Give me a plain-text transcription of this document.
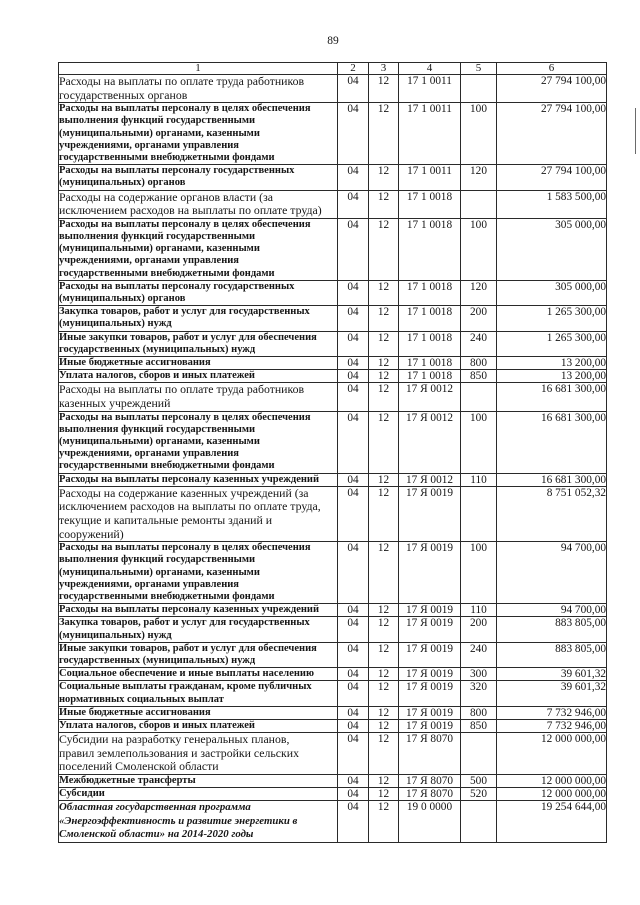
89
1	2	3	4	5	6

Расходы на выплаты по оплате труда работников
государственных органов	04	12	17 1 0011		27 794 100,00

Расходы на выплаты персоналу в целях обеспечения
выполнения функций государственными
(муниципальными) органами, казенными
учреждениями, органами управления
государственными внебюджетными фондами	04	12	17 1 0011	100	27 794 100,00

Расходы на выплаты персоналу государственных
(муниципальных) органов	04	12	17 1 0011	120	27 794 100,00

Расходы на содержание органов власти (за
исключением расходов на выплаты по оплате труда)	04	12	17 1 0018		1 583 500,00

Расходы на выплаты персоналу в целях обеспечения
выполнения функций государственными
(муниципальными) органами, казенными
учреждениями, органами управления
государственными внебюджетными фондами	04	12	17 1 0018	100	305 000,00

Расходы на выплаты персоналу государственных
(муниципальных) органов	04	12	17 1 0018	120	305 000,00

Закупка товаров, работ и услуг для государственных
(муниципальных) нужд	04	12	17 1 0018	200	1 265 300,00

Иные закупки товаров, работ и услуг для обеспечения
государственных (муниципальных) нужд	04	12	17 1 0018	240	1 265 300,00

Иные бюджетные ассигнования	04	12	17 1 0018	800	13 200,00

Уплата налогов, сборов и иных платежей	04	12	17 1 0018	850	13 200,00

Расходы на выплаты по оплате труда работников
казенных учреждений	04	12	17 Я 0012		16 681 300,00

Расходы на выплаты персоналу в целях обеспечения
выполнения функций государственными
(муниципальными) органами, казенными
учреждениями, органами управления
государственными внебюджетными фондами	04	12	17 Я 0012	100	16 681 300,00

Расходы на выплаты персоналу казенных учреждений	04	12	17 Я 0012	110	16 681 300,00

Расходы на содержание казенных учреждений (за
исключением расходов на выплаты по оплате труда,
текущие и капитальные ремонты зданий и
сооружений)	04	12	17 Я 0019		8 751 052,32

Расходы на выплаты персоналу в целях обеспечения
выполнения функций государственными
(муниципальными) органами, казенными
учреждениями, органами управления
государственными внебюджетными фондами	04	12	17 Я 0019	100	94 700,00

Расходы на выплаты персоналу казенных учреждений	04	12	17 Я 0019	110	94 700,00

Закупка товаров, работ и услуг для государственных
(муниципальных) нужд	04	12	17 Я 0019	200	883 805,00

Иные закупки товаров, работ и услуг для обеспечения
государственных (муниципальных) нужд	04	12	17 Я 0019	240	883 805,00

Социальное обеспечение и иные выплаты населению	04	12	17 Я 0019	300	39 601,32

Социальные выплаты гражданам, кроме публичных
нормативных социальных выплат	04	12	17 Я 0019	320	39 601,32

Иные бюджетные ассигнования	04	12	17 Я 0019	800	7 732 946,00

Уплата налогов, сборов и иных платежей	04	12	17 Я 0019	850	7 732 946,00

Субсидии на разработку генеральных планов,
правил землепользования и застройки сельских
поселений Смоленской области	04	12	17 Я 8070		12 000 000,00

Межбюджетные трансферты	04	12	17 Я 8070	500	12 000 000,00

Субсидии	04	12	17 Я 8070	520	12 000 000,00

Областная государственная программа
«Энергоэффективность и развитие энергетики в
Смоленской области» на 2014-2020 годы	04	12	19 0 0000		19 254 644,00
